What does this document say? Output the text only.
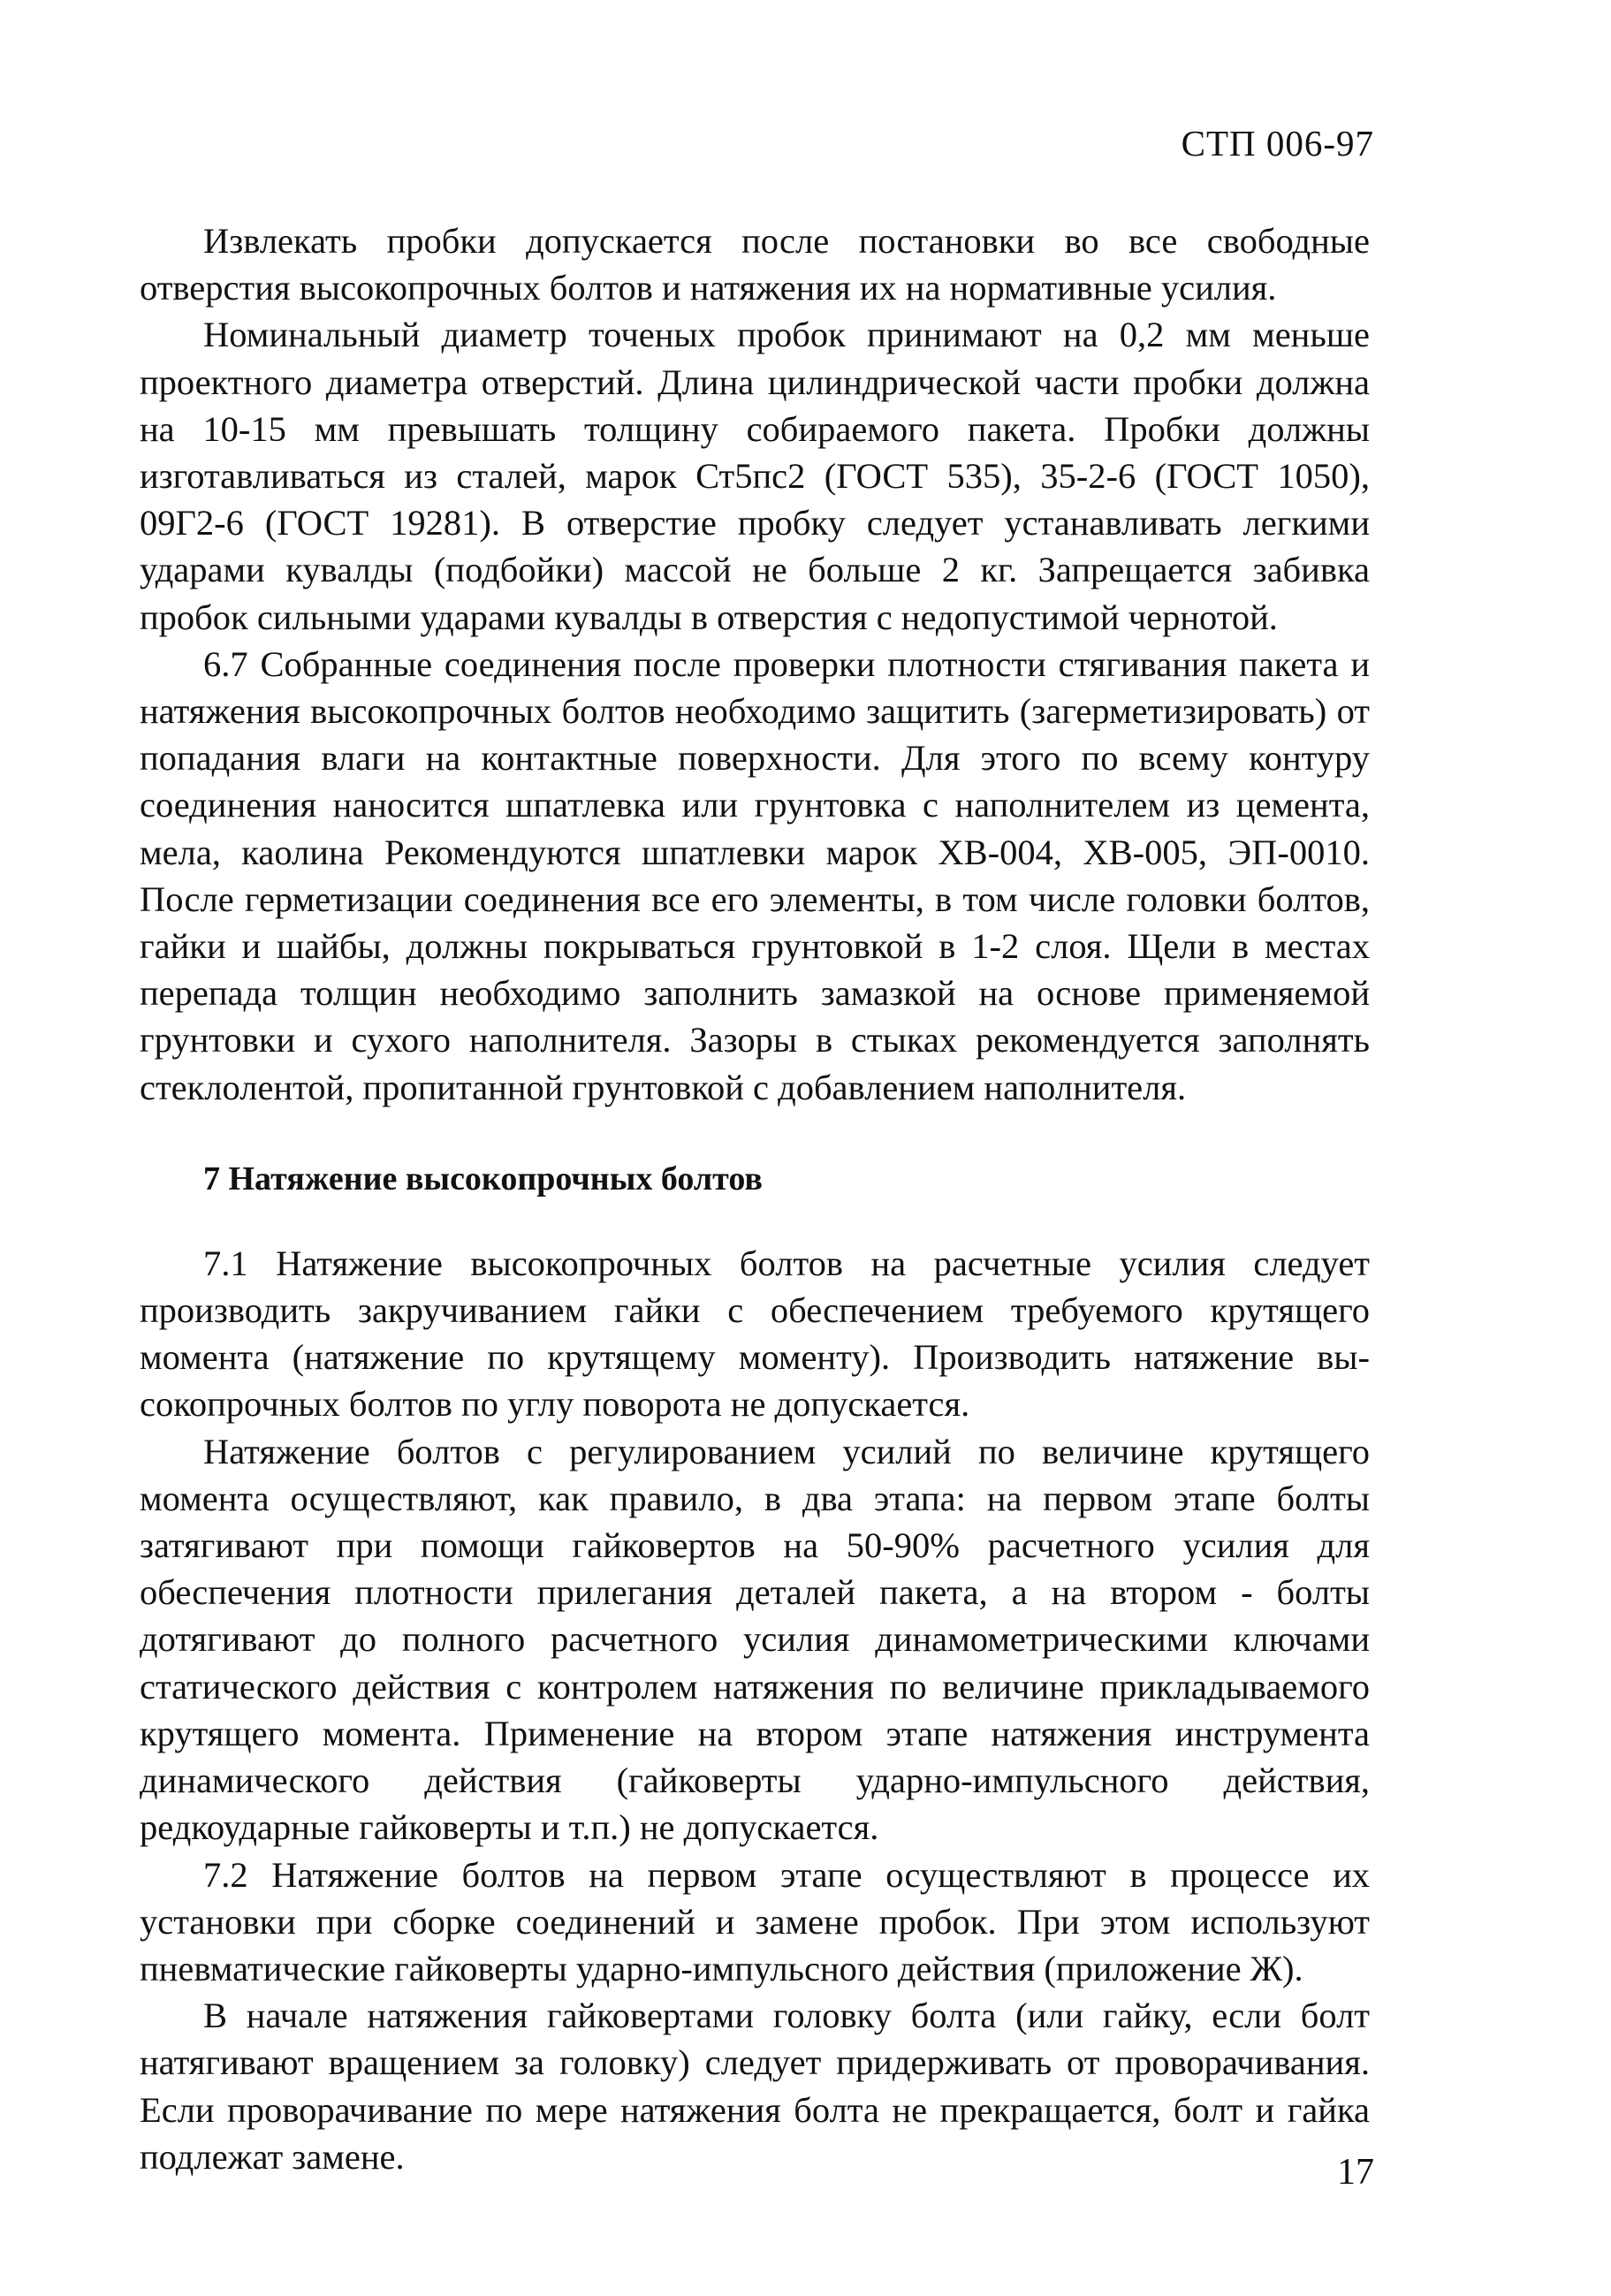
СТП 006-97

Извлекать пробки допускается после постановки во все свободные отверстия высокопрочных болтов и натяжения их на нормативные усилия.

Номинальный диаметр точеных пробок принимают на 0,2 мм меньше проектного диаметра отверстий. Длина цилиндрической части пробки должна на 10-15 мм превышать толщину собираемого пакета. Пробки должны изготавливаться из сталей, марок Ст5пс2 (ГОСТ 535), 35-2-6 (ГОСТ 1050), 09Г2-6 (ГОСТ 19281). В отверстие пробку следует устанавливать легкими ударами кувалды (подбойки) массой не больше 2 кг. Запрещается забивка пробок сильными ударами кувалды в отверстия с недопустимой чернотой.

6.7 Собранные соединения после проверки плотности стягивания пакета и натяжения высокопрочных болтов необходимо защитить (загерметизировать) от попадания влаги на контактные поверхности. Для этого по всему контуру соединения наносится шпатлевка или грунтовка с наполнителем из цемента, мела, каолина Рекомендуются шпатлевки марок ХВ-004, ХВ-005, ЭП-0010. После герметизации соединения все его элементы, в том числе головки болтов, гайки и шайбы, должны покрываться грунтовкой в 1-2 слоя. Щели в местах перепада толщин необходимо заполнить замазкой на основе применяемой грунтовки и сухого наполнителя. Зазоры в стыках рекомендуется заполнять стеклолентой, пропитанной грунтовкой с добавлением наполнителя.

7 Натяжение высокопрочных болтов

7.1 Натяжение высокопрочных болтов на расчетные усилия следует производить закручиванием гайки с обеспечением требуемого крутящего момента (натяжение по крутящему моменту). Производить натяжение высокопрочных болтов по углу поворота не допускается.

Натяжение болтов с регулированием усилий по величине крутящего момента осуществляют, как правило, в два этапа: на первом этапе болты затягивают при помощи гайковертов на 50-90% расчетного усилия для обеспечения плотности прилегания деталей пакета, а на втором - болты дотягивают до полного расчетного усилия динамометрическими ключами статического действия с контролем натяжения по величине прикладываемого крутящего момента. Применение на втором этапе натяжения инструмента динамического действия (гайковерты ударно-импульсного действия, редкоударные гайковерты и т.п.) не допускается.

7.2 Натяжение болтов на первом этапе осуществляют в процессе их установки при сборке соединений и замене пробок. При этом используют пневматические гайковерты ударно-импульсного действия (приложение Ж).

В начале натяжения гайковертами головку болта (или гайку, если болт натягивают вращением за головку) следует придерживать от проворачивания. Если проворачивание по мере натяжения болта не прекращается, болт и гайка подлежат замене.	17
